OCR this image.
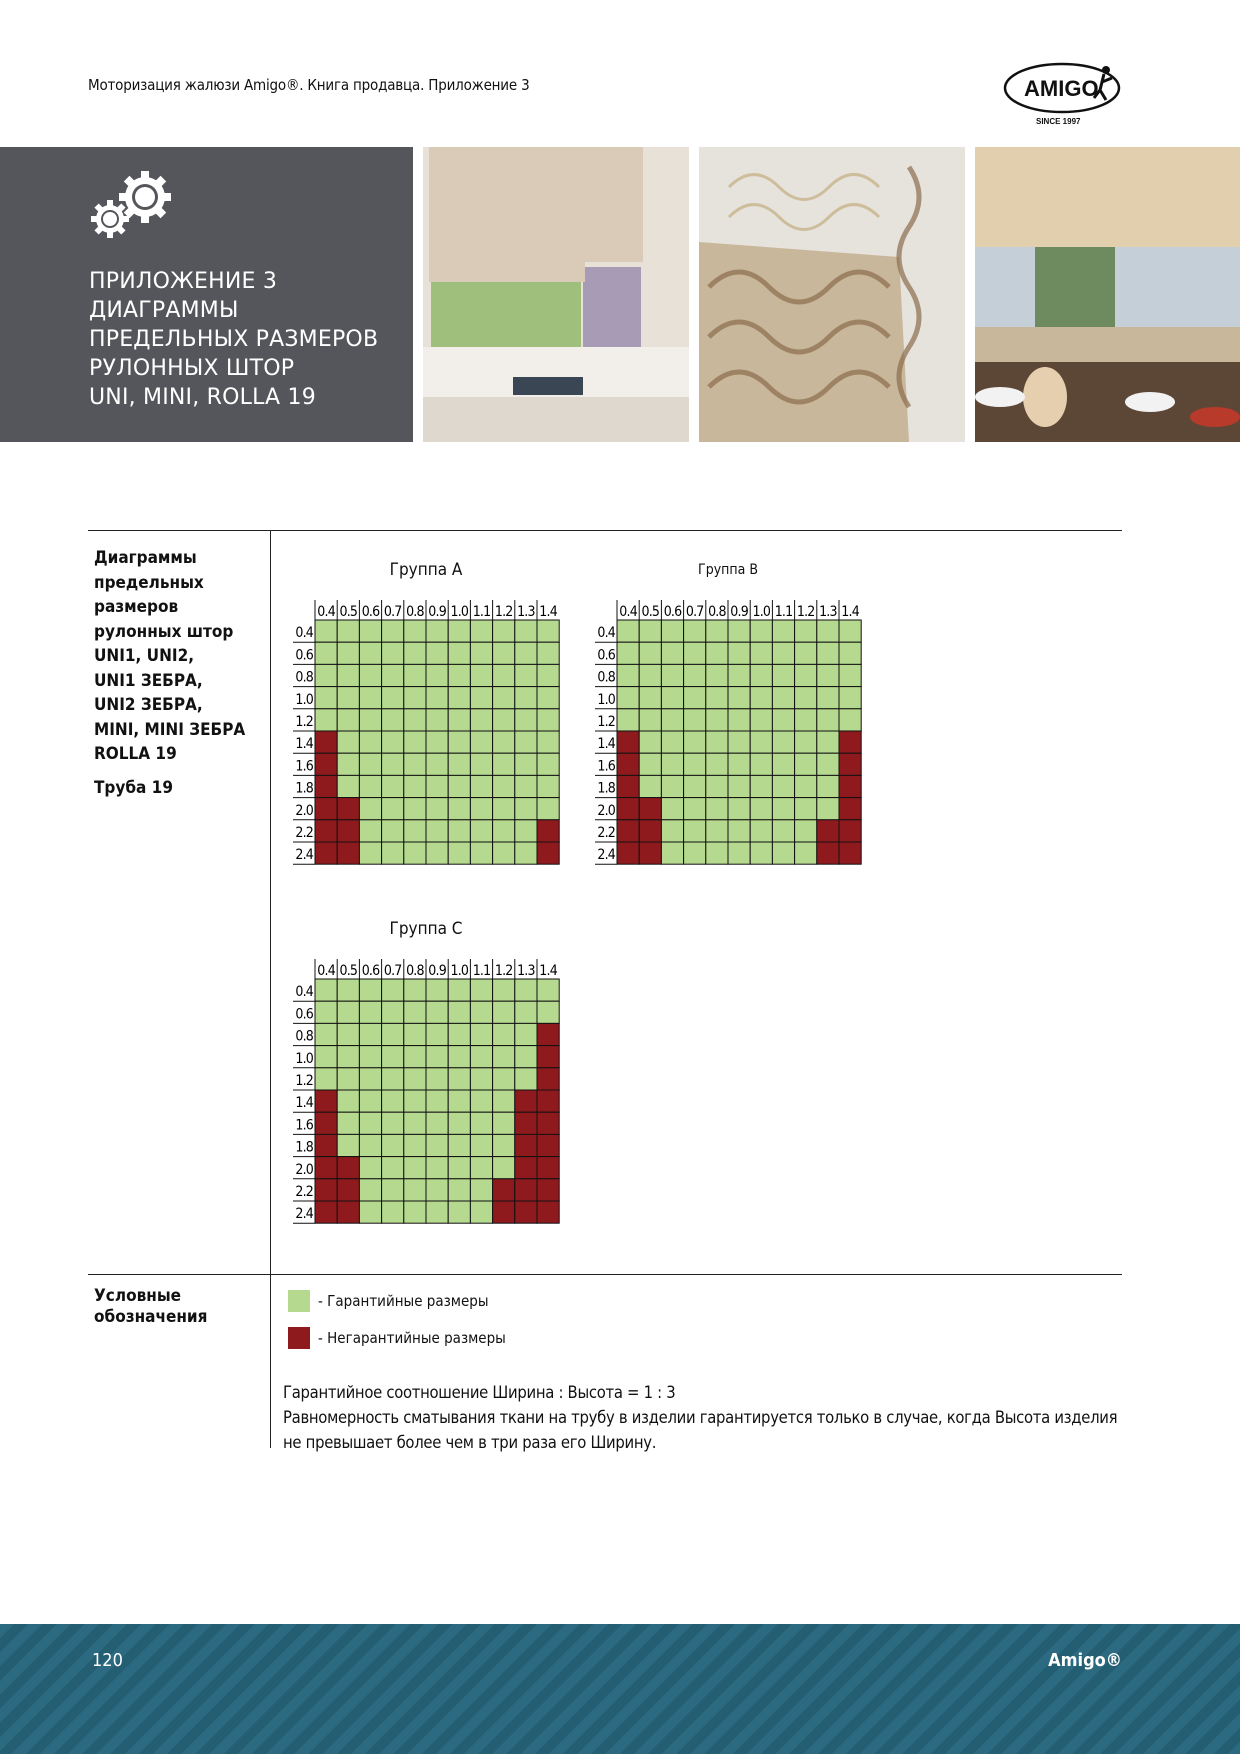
Моторизация жалюзи Amigo®. Книга продавца. Приложение 3	AMIGO
SINCE 1997
ПРИЛОЖЕНИЕ 3
ДИАГРАММЫ
ПРЕДЕЛЬНЫХ РАЗМЕРОВ
РУЛОННЫХ ШТОР
UNI, MINI, ROLLA 19
Диаграммы
предельных
размеров
рулонных штор
UNI1, UNI2,
UNI1 ЗЕБРА,
UNI2 ЗЕБРА,
MINI, MINI ЗЕБРА
ROLLA 19
Труба 19
Группа А	Группа В
Группа С
0.4 0.5 0.6 0.7 0.8 0.9 1.0 1.1 1.2 1.3 1.4
0.4
0.6
0.8
1.0
1.2
1.4
1.6
1.8
2.0
2.2
2.4
0.4 0.5 0.6 0.7 0.8 0.9 1.0 1.1 1.2 1.3 1.4
0.4
0.6
0.8
1.0
1.2
1.4
1.6
1.8
2.0
2.2
2.4
0.4 0.5 0.6 0.7 0.8 0.9 1.0 1.1 1.2 1.3 1.4
0.4
0.6
0.8
1.0
1.2
1.4
1.6
1.8
2.0
2.2
2.4
Условные
обозначения
- Гарантийные размеры
- Негарантийные размеры
Гарантийное соотношение Ширина : Высота = 1 : 3
Равномерность сматывания ткани на трубу в изделии гарантируется только в случае, когда Высота изделия не превышает более чем в три раза его Ширину.
120	Amigo®
